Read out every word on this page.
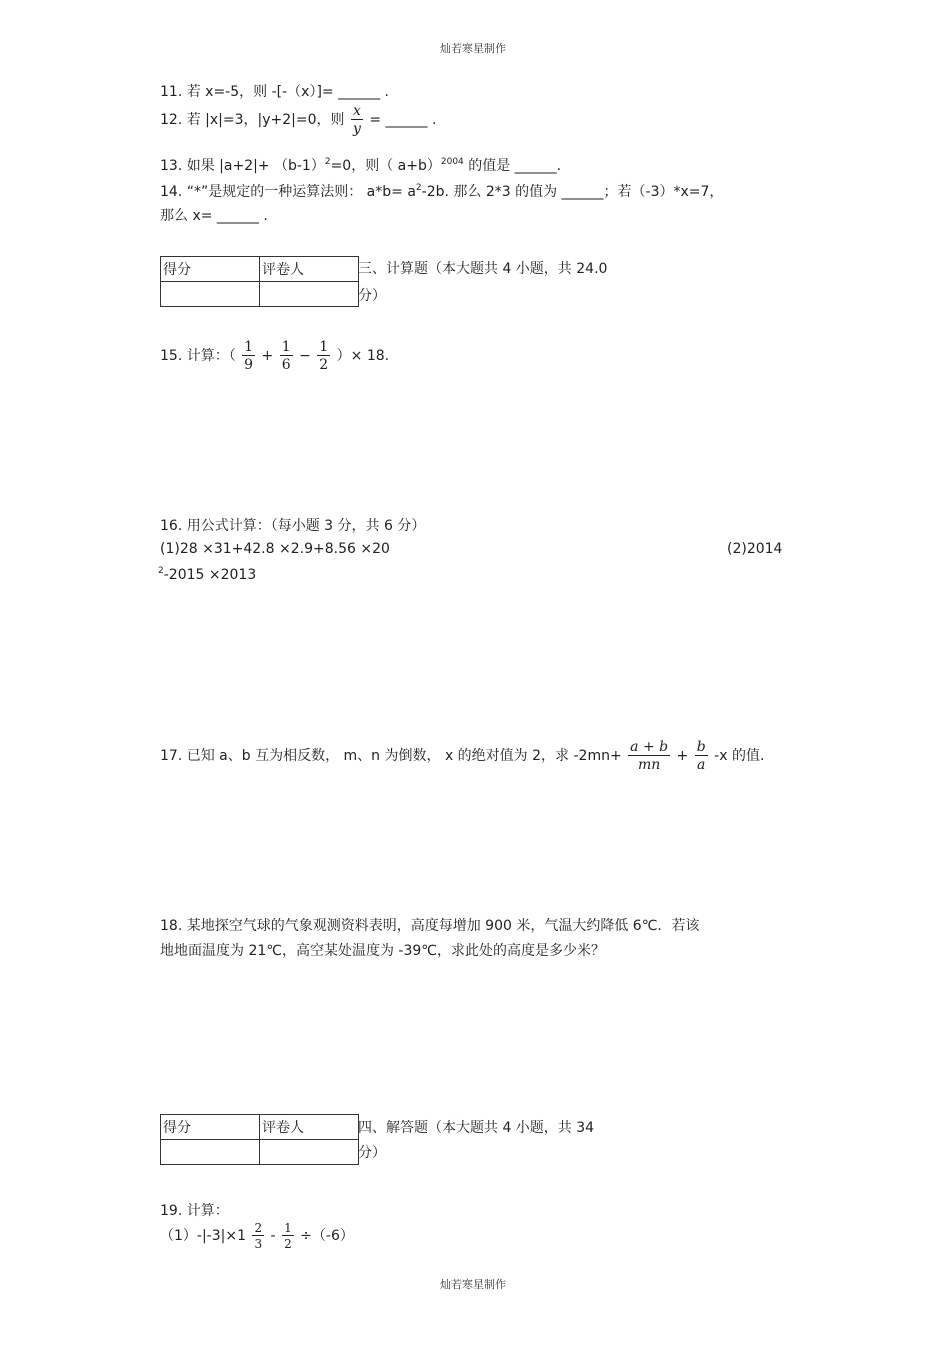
灿若寒星制作
11. 若 x=-5，则 -[-（x）]= ______ .
12. 若 |x|=3，|y+2|=0，则 $\frac{x}{y}$ = ______ .
13. 如果 $|a+2|+ (b-1)^2=0$，则（ a+b）$^{2004}$ 的值是 ______.
14. “*”是规定的一种运算法则： $a*b= a^2-2b$. 那么 2*3 的值为 ______；若（-3）*x=7，
那么 x= ______ .
得分	评卷人
		三、计算题（本大题共 4 小题，共 24.0
分）
15. 计算：（ $\frac{1}{9} + \frac{1}{6} - \frac{1}{2}$ ）× 18.
16. 用公式计算：（每小题 3 分，共 6 分）
(1)28 ×31+42.8 ×2.9+8.56 ×20	(2)2014
$^2$-2015 ×2013
17. 已知 a、b 互为相反数， m、n 为倒数， x 的绝对值为 2，求 $-2mn+ \frac{a + b}{mn} + \frac{b}{a} -x$ 的值.
18. 某地探空气球的气象观测资料表明，高度每增加 900 米，气温大约降低 6℃．若该
地地面温度为 21℃，高空某处温度为 -39℃，求此处的高度是多少米？
得分	评卷人
		四、解答题（本大题共 4 小题，共 34
分）
19. 计算：
$(1)-|-3|\times 1 \frac{2}{3} - \frac{1}{2} \div(-6)$
灿若寒星制作
